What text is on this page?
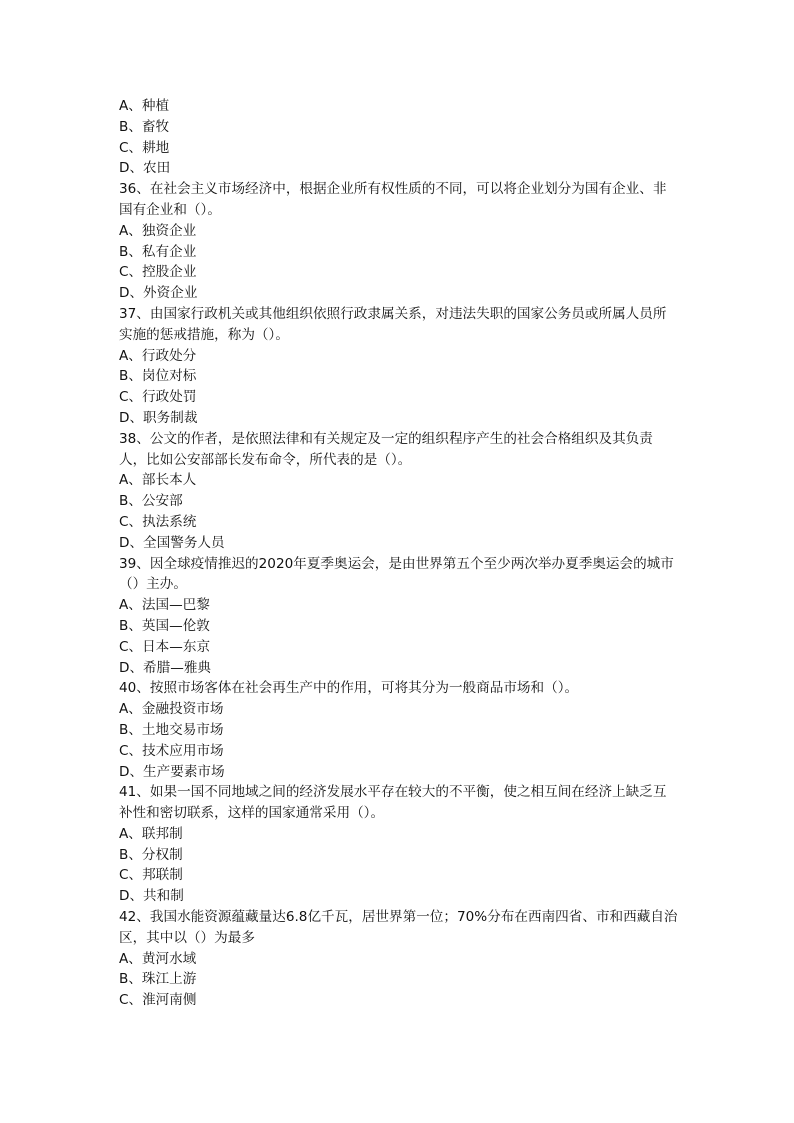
A、种植
B、畜牧
C、耕地
D、农田
36、在社会主义市场经济中，根据企业所有权性质的不同，可以将企业划分为国有企业、非国有企业和（）。
A、独资企业
B、私有企业
C、控股企业
D、外资企业
37、由国家行政机关或其他组织依照行政隶属关系，对违法失职的国家公务员或所属人员所实施的惩戒措施，称为（）。
A、行政处分
B、岗位对标
C、行政处罚
D、职务制裁
38、公文的作者，是依照法律和有关规定及一定的组织程序产生的社会合格组织及其负责人，比如公安部部长发布命令，所代表的是（）。
A、部长本人
B、公安部
C、执法系统
D、全国警务人员
39、因全球疫情推迟的2020年夏季奥运会，是由世界第五个至少两次举办夏季奥运会的城市（）主办。
A、法国—巴黎
B、英国—伦敦
C、日本—东京
D、希腊—雅典
40、按照市场客体在社会再生产中的作用，可将其分为一般商品市场和（）。
A、金融投资市场
B、土地交易市场
C、技术应用市场
D、生产要素市场
41、如果一国不同地域之间的经济发展水平存在较大的不平衡，使之相互间在经济上缺乏互补性和密切联系，这样的国家通常采用（）。
A、联邦制
B、分权制
C、邦联制
D、共和制
42、我国水能资源蕴藏量达6.8亿千瓦，居世界第一位；70%分布在西南四省、市和西藏自治区，其中以（）为最多
A、黄河水域
B、珠江上游
C、淮河南侧
